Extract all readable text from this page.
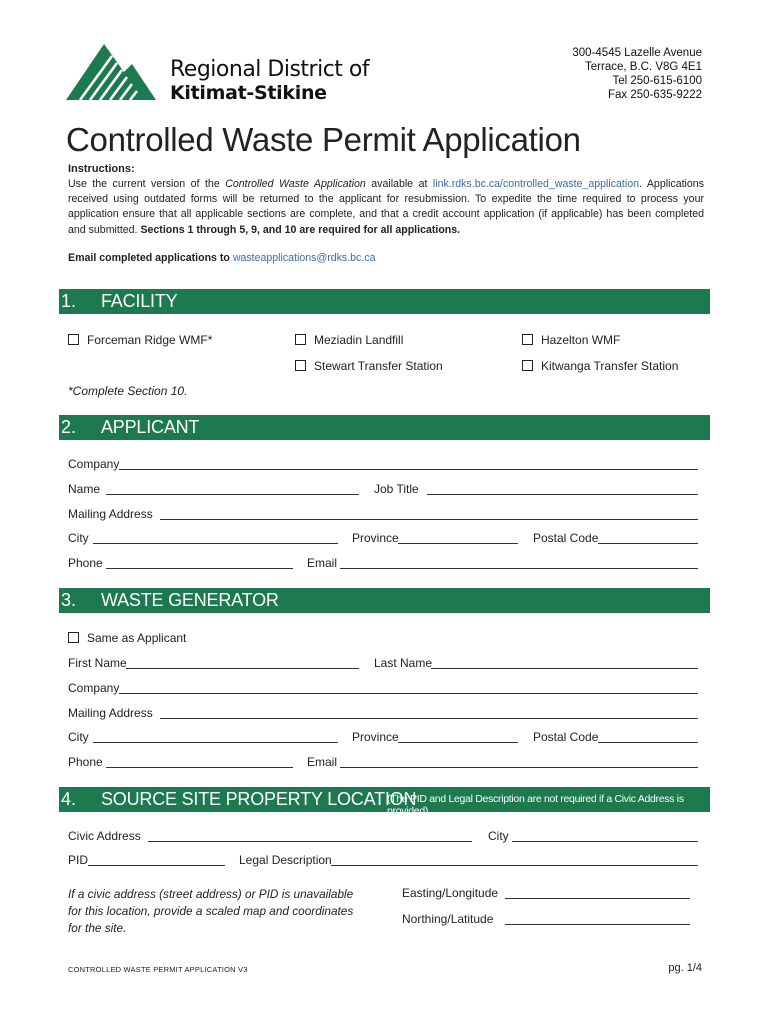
Regional District of
Kitimat-Stikine
300-4545 Lazelle Avenue
Terrace, B.C. V8G 4E1
Tel 250-615-6100
Fax 250-635-9222
Controlled Waste Permit Application
Instructions:
Use the current version of the Controlled Waste Application available at link.rdks.bc.ca/controlled_waste_application. Applications received using outdated forms will be returned to the applicant for resubmission. To expedite the time required to process your application ensure that all applicable sections are complete, and that a credit account application (if applicable) has been completed and submitted. Sections 1 through 5, 9, and 10 are required for all applications.
Email completed applications to wasteapplications@rdks.bc.ca
1. FACILITY
Forceman Ridge WMF*	Meziadin Landfill	Hazelton WMF
Stewart Transfer Station	Kitwanga Transfer Station
*Complete Section 10.
2. APPLICANT
Company
Name	Job Title
Mailing Address
City	Province	Postal Code
Phone	Email
3. WASTE GENERATOR
Same as Applicant
First Name	Last Name
Company
Mailing Address
City	Province	Postal Code
Phone	Email
4. SOURCE SITE PROPERTY LOCATION
(The PID and Legal Description are not required if a Civic Address is provided)
Civic Address	City
PID	Legal Description
If a civic address (street address) or PID is unavailable
for this location, provide a scaled map and coordinates
for the site.
Easting/Longitude
Northing/Latitude
CONTROLLED WASTE PERMIT APPLICATION V3	pg. 1/4
